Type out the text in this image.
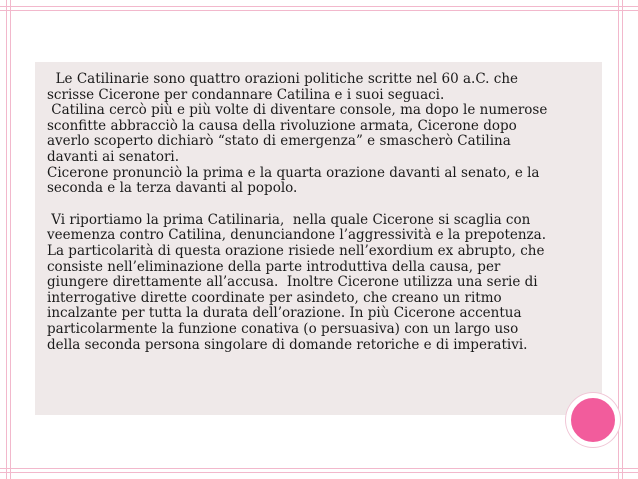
Le Catilinarie sono quattro orazioni politiche scritte nel 60 a.C. che
scrisse Cicerone per condannare Catilina e i suoi seguaci.

Catilina cercò più e più volte di diventare console, ma dopo le numerose
sconfitte abbracciò la causa della rivoluzione armata, Cicerone dopo
averlo scoperto dichiarò “stato di emergenza” e smascherò Catilina
davanti ai senatori.

Cicerone pronunciò la prima e la quarta orazione davanti al senato, e la
seconda e la terza davanti al popolo.

Vi riportiamo la prima Catilinaria,  nella quale Cicerone si scaglia con
veemenza contro Catilina, denunciandone l’aggressività e la prepotenza.
La particolarità di questa orazione risiede nell’exordium ex abrupto, che
consiste nell’eliminazione della parte introduttiva della causa, per
giungere direttamente all’accusa.  Inoltre Cicerone utilizza una serie di
interrogative dirette coordinate per asindeto, che creano un ritmo
incalzante per tutta la durata dell’orazione. In più Cicerone accentua
particolarmente la funzione conativa (o persuasiva) con un largo uso
della seconda persona singolare di domande retoriche e di imperativi.
